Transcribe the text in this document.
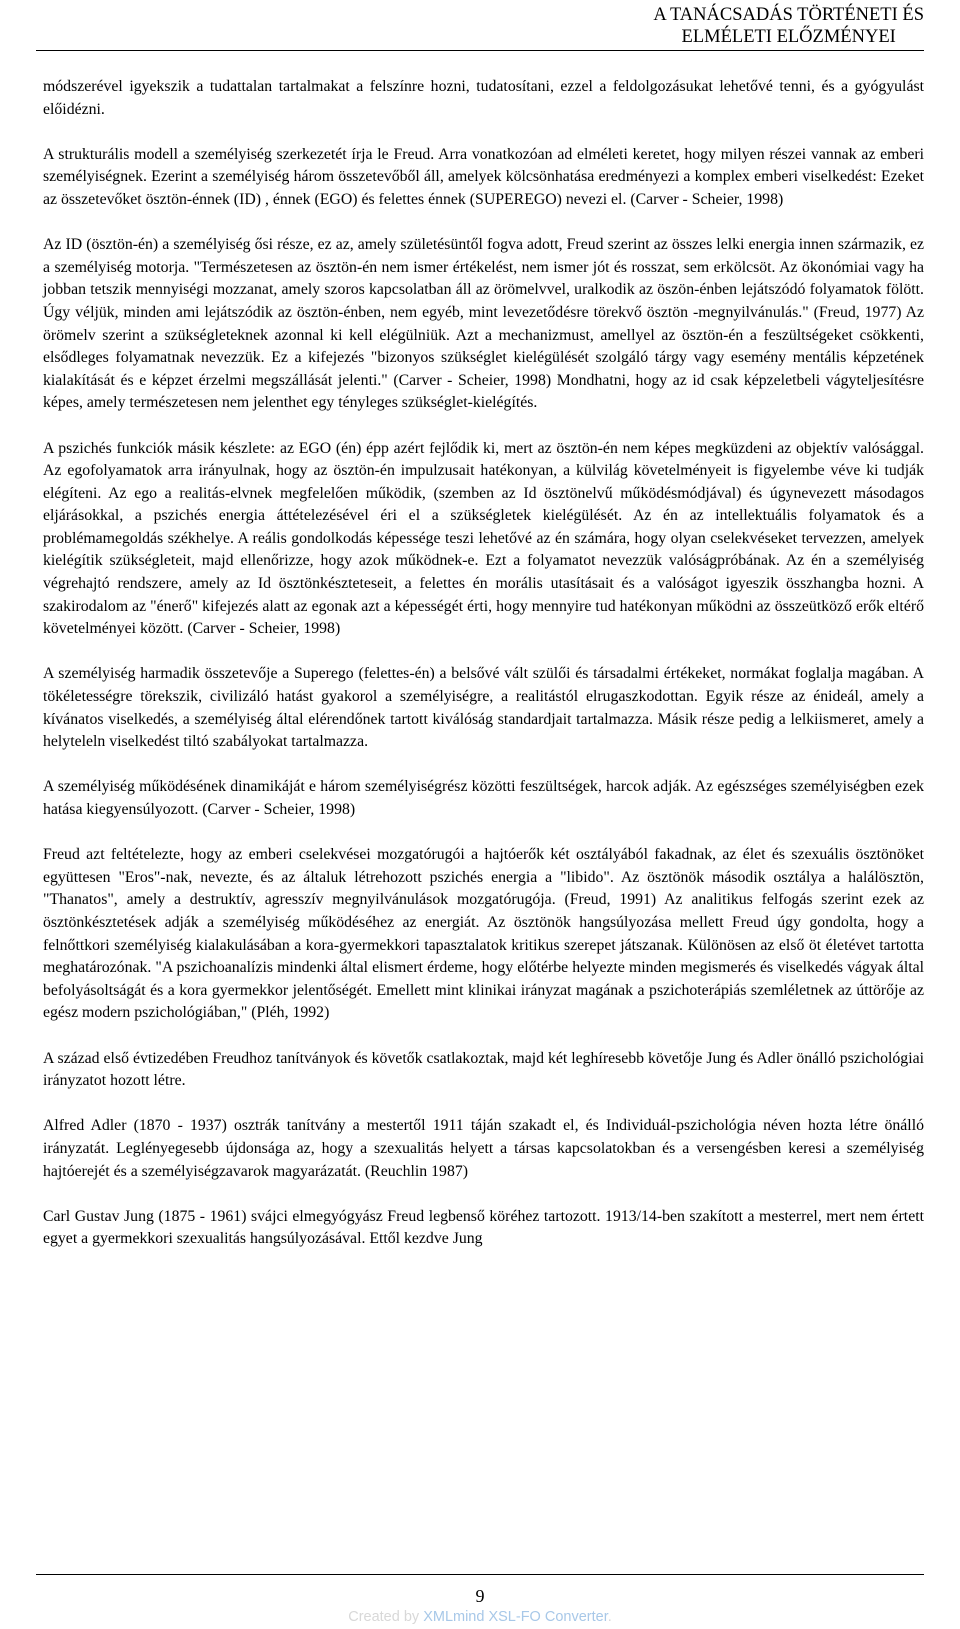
A TANÁCSADÁS TÖRTÉNETI ÉS
ELMÉLETI ELŐZMÉNYEI

módszerével igyekszik a tudattalan tartalmakat a felszínre hozni, tudatosítani, ezzel a feldolgozásukat lehetővé tenni, és a gyógyulást előidézni.

A strukturális modell a személyiség szerkezetét írja le Freud. Arra vonatkozóan ad elméleti keretet, hogy milyen részei vannak az emberi személyiségnek. Ezerint a személyiség három összetevőből áll, amelyek kölcsönhatása eredményezi a komplex emberi viselkedést: Ezeket az összetevőket ösztön-énnek (ID) , énnek (EGO) és felettes énnek (SUPEREGO) nevezi el. (Carver - Scheier, 1998)

Az ID (ösztön-én) a személyiség ősi része, ez az, amely születésüntől fogva adott, Freud szerint az összes lelki energia innen származik, ez a személyiség motorja. "Természetesen az ösztön-én nem ismer értékelést, nem ismer jót és rosszat, sem erkölcsöt. Az ökonómiai vagy ha jobban tetszik mennyiségi mozzanat, amely szoros kapcsolatban áll az örömelvvel, uralkodik az öszön-énben lejátszódó folyamatok fölött. Úgy véljük, minden ami lejátszódik az ösztön-énben, nem egyéb, mint levezetődésre törekvő ösztön -megnyilvánulás." (Freud, 1977) Az örömelv szerint a szükségleteknek azonnal ki kell elégülniük. Azt a mechanizmust, amellyel az ösztön-én a feszültségeket csökkenti, elsődleges folyamatnak nevezzük. Ez a kifejezés "bizonyos szükséglet kielégülését szolgáló tárgy vagy esemény mentális képzetének kialakítását és e képzet érzelmi megszállását jelenti." (Carver - Scheier, 1998) Mondhatni, hogy az id csak képzeletbeli vágyteljesítésre képes, amely természetesen nem jelenthet egy tényleges szükséglet-kielégítés.

A pszichés funkciók másik készlete: az EGO (én) épp azért fejlődik ki, mert az ösztön-én nem képes megküzdeni az objektív valósággal. Az egofolyamatok arra irányulnak, hogy az ösztön-én impulzusait hatékonyan, a külvilág követelményeit is figyelembe véve ki tudják elégíteni. Az ego a realitás-elvnek megfelelően működik, (szemben az Id ösztönelvű működésmódjával) és úgynevezett másodagos eljárásokkal, a pszichés energia áttételezésével éri el a szükségletek kielégülését. Az én az intellektuális folyamatok és a problémamegoldás székhelye. A reális gondolkodás képessége teszi lehetővé az én számára, hogy olyan cselekvéseket tervezzen, amelyek kielégítik szükségleteit, majd ellenőrizze, hogy azok működnek-e. Ezt a folyamatot nevezzük valóságpróbának. Az én a személyiség végrehajtó rendszere, amely az Id ösztönkészteteseit, a felettes én morális utasításait és a valóságot igyeszik összhangba hozni. A szakirodalom az "énerő" kifejezés alatt az egonak azt a képességét érti, hogy mennyire tud hatékonyan működni az összeütköző erők eltérő követelményei között. (Carver - Scheier, 1998)

A személyiség harmadik összetevője a Superego (felettes-én) a belsővé vált szülői és társadalmi értékeket, normákat foglalja magában. A tökéletességre törekszik, civilizáló hatást gyakorol a személyiségre, a realitástól elrugaszkodottan. Egyik része az énideál, amely a kívánatos viselkedés, a személyiség által elérendőnek tartott kiválóság standardjait tartalmazza. Másik része pedig a lelkiismeret, amely a helyteleln viselkedést tiltó szabályokat tartalmazza.

A személyiség működésének dinamikáját e három személyiségrész közötti feszültségek, harcok adják. Az egészséges személyiségben ezek hatása kiegyensúlyozott. (Carver - Scheier, 1998)

Freud azt feltételezte, hogy az emberi cselekvései mozgatórugói a hajtóerők két osztályából fakadnak, az élet és szexuális ösztönöket együttesen "Eros"-nak, nevezte, és az általuk létrehozott pszichés energia a "libido". Az ösztönök második osztálya a halálösztön, "Thanatos", amely a destruktív, agresszív megnyilvánulások mozgatórugója. (Freud, 1991) Az analitikus felfogás szerint ezek az ösztönkésztetések adják a személyiség működéséhez az energiát. Az ösztönök hangsúlyozása mellett Freud úgy gondolta, hogy a felnőttkori személyiség kialakulásában a kora-gyermekkori tapasztalatok kritikus szerepet játszanak. Különösen az első öt életévet tartotta meghatározónak. "A pszichoanalízis mindenki által elismert érdeme, hogy előtérbe helyezte minden megismerés és viselkedés vágyak által befolyásoltságát és a kora gyermekkor jelentőségét. Emellett mint klinikai irányzat magának a pszichoterápiás szemléletnek az úttörője az egész modern pszichológiában," (Pléh, 1992)

A század első évtizedében Freudhoz tanítványok és követők csatlakoztak, majd két leghíresebb követője Jung és Adler önálló pszichológiai irányzatot hozott létre.

Alfred Adler (1870 - 1937) osztrák tanítvány a mestertől 1911 táján szakadt el, és Individuál-pszichológia néven hozta létre önálló irányzatát. Leglényegesebb újdonsága az, hogy a szexualitás helyett a társas kapcsolatokban és a versengésben keresi a személyiség hajtóerejét és a személyiségzavarok magyarázatát. (Reuchlin 1987)

Carl Gustav Jung (1875 - 1961) svájci elmegyógyász Freud legbenső köréhez tartozott. 1913/14-ben szakított a mesterrel, mert nem értett egyet a gyermekkori szexualitás hangsúlyozásával. Ettől kezdve Jung

9
Created by XMLmind XSL-FO Converter.
